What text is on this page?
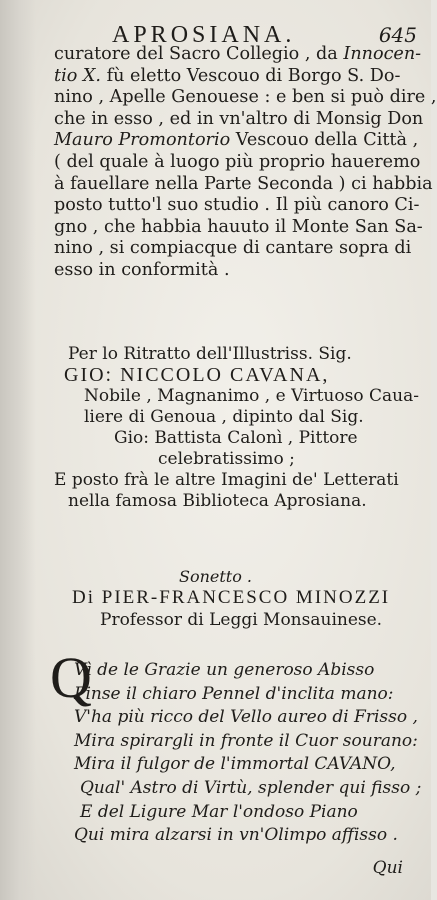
APROSIANA.	645
curatore del Sacro Collegio , da Innocen-
tio X. fù eletto Vescouo di Borgo S. Do-
nino , Apelle Genouese : e ben si può dire ,
che in esso , ed in vn'altro di Monsig Don
Mauro Promontorio Vescouo della Città ,
( del quale à luogo più proprio haueremo
à fauellare nella Parte Seconda ) ci habbia
posto tutto'l suo studio . Il più canoro Ci-
gno , che habbia hauuto il Monte San Sa-
nino , si compiacque di cantare sopra di
esso in conformità .
Per lo Ritratto dell'Illustriss. Sig.
GIO: NICCOLO CAVANA,
Nobile , Magnanimo , e Virtuoso Caua-
liere di Genoua , dipinto dal Sig.
Gio: Battista Calonì , Pittore
celebratissimo ;
E posto frà le altre Imagini de' Letterati
nella famosa Biblioteca Aprosiana.
Sonetto .
Di PIER-FRANCESCO MINOZZI
Professor di Leggi Monsauinese.
Q
Vì de le Grazie un generoso Abisso
Pinse il chiaro Pennel d'inclita mano:
V'ha più ricco del Vello aureo di Frisso ,
Mira spirargli in fronte il Cuor sourano:
Mira il fulgor de l'immortal CAVANO,
Qual' Astro di Virtù, splender qui fisso ;
E del Ligure Mar l'ondoso Piano
Qui mira alzarsi in vn'Olimpo affisso .
Qui
